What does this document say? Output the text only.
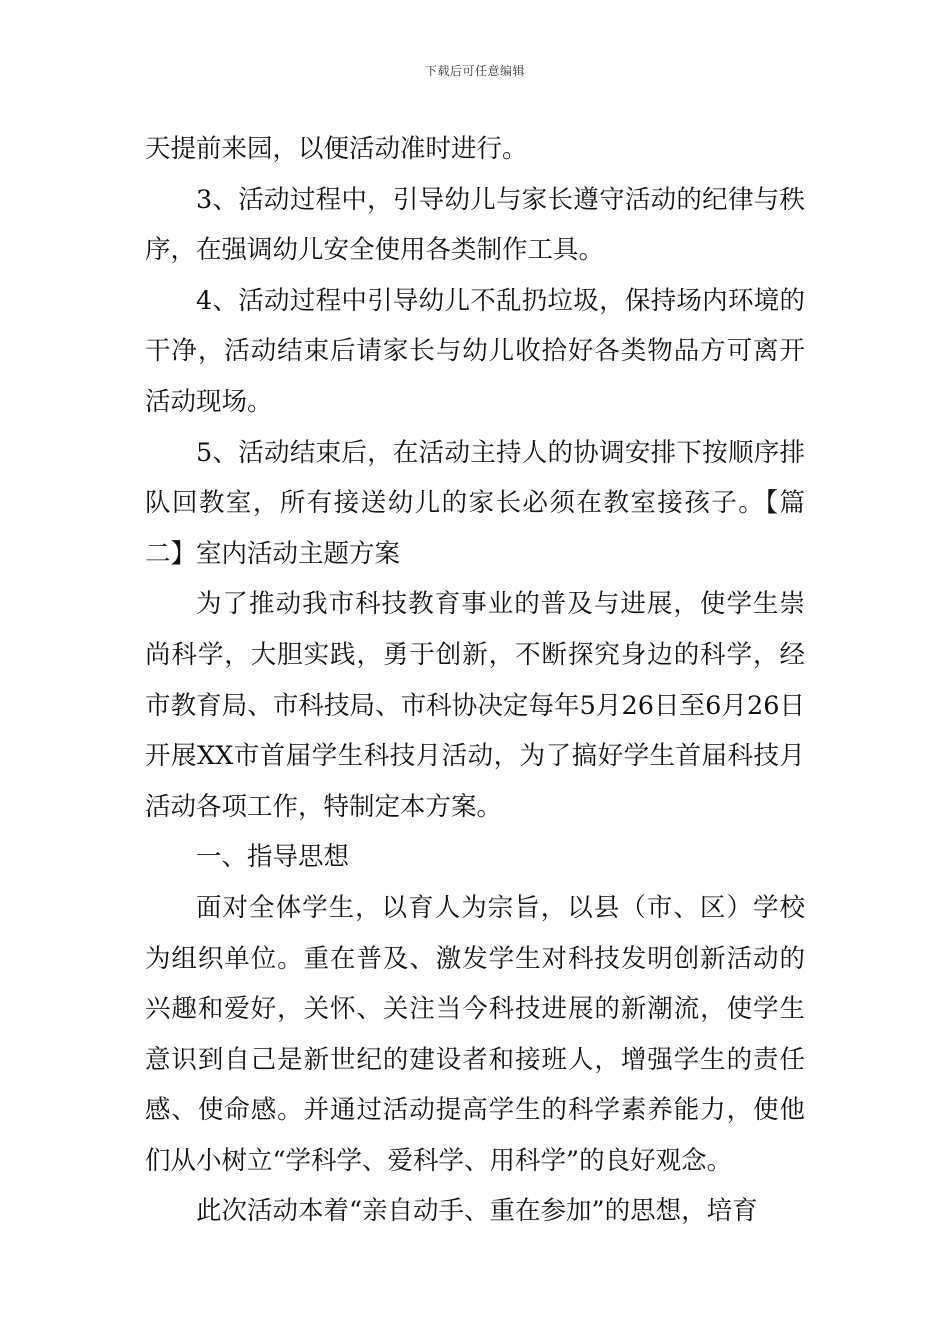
下载后可任意编辑

天提前来园，以便活动准时进行。

3、活动过程中，引导幼儿与家长遵守活动的纪律与秩序，在强调幼儿安全使用各类制作工具。

4、活动过程中引导幼儿不乱扔垃圾，保持场内环境的干净，活动结束后请家长与幼儿收拾好各类物品方可离开活动现场。

5、活动结束后，在活动主持人的协调安排下按顺序排队回教室，所有接送幼儿的家长必须在教室接孩子。【篇二】室内活动主题方案

为了推动我市科技教育事业的普及与进展，使学生崇尚科学，大胆实践，勇于创新，不断探究身边的科学，经市教育局、市科技局、市科协决定每年5月26日至6月26日开展XX市首届学生科技月活动，为了搞好学生首届科技月活动各项工作，特制定本方案。

一、指导思想

面对全体学生，以育人为宗旨，以县（市、区）学校为组织单位。重在普及、激发学生对科技发明创新活动的兴趣和爱好，关怀、关注当今科技进展的新潮流，使学生意识到自己是新世纪的建设者和接班人，增强学生的责任感、使命感。并通过活动提高学生的科学素养能力，使他们从小树立“学科学、爱科学、用科学”的良好观念。

此次活动本着“亲自动手、重在参加”的思想，培育
